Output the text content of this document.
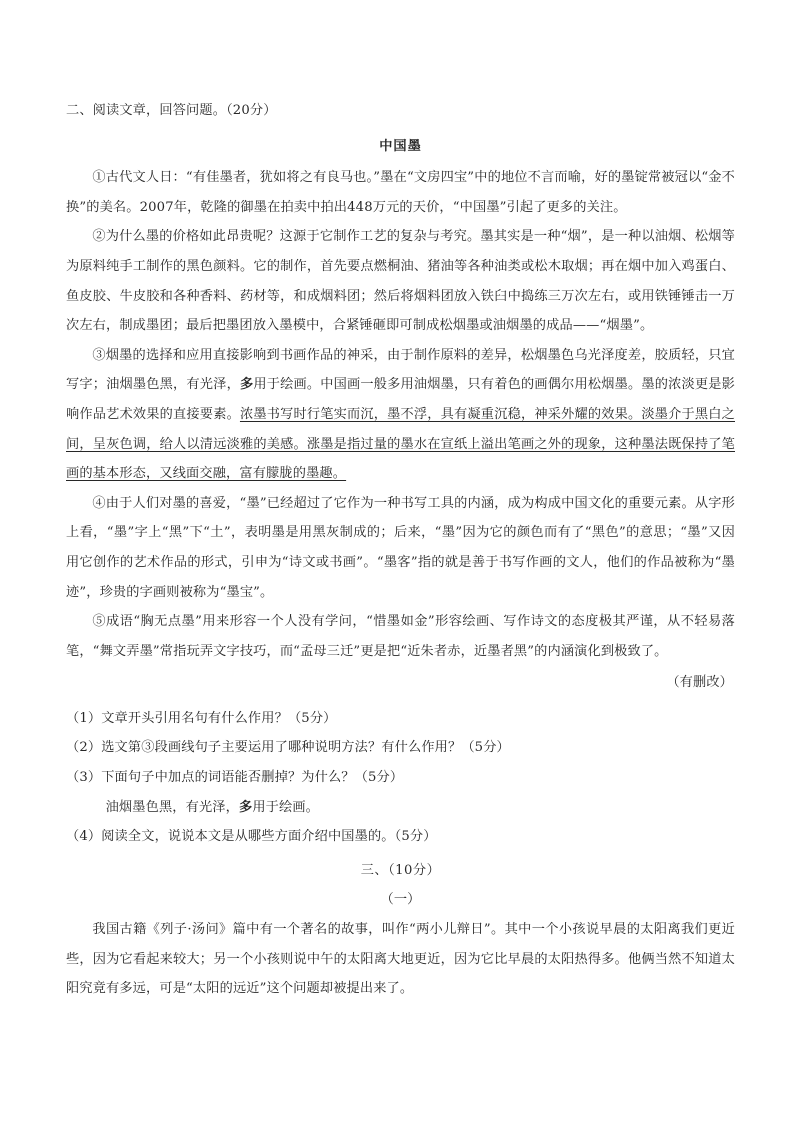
二、阅读文章，回答问题。（20分）

中国墨

①古代文人日：“有佳墨者，犹如将之有良马也。”墨在“文房四宝”中的地位不言而喻，好的墨锭常被冠以“金不换”的美名。2007年，乾隆的御墨在拍卖中拍出448万元的天价，“中国墨”引起了更多的关注。

②为什么墨的价格如此昂贵呢？这源于它制作工艺的复杂与考究。墨其实是一种“烟”，是一种以油烟、松烟等为原料纯手工制作的黑色颜料。它的制作，首先要点燃桐油、猪油等各种油类或松木取烟；再在烟中加入鸡蛋白、鱼皮胶、牛皮胶和各种香料、药材等，和成烟料团；然后将烟料团放入铁臼中捣练三万次左右，或用铁锤锤击一万次左右，制成墨团；最后把墨团放入墨模中，合紧锤砸即可制成松烟墨或油烟墨的成品——“烟墨”。

③烟墨的选择和应用直接影响到书画作品的神采，由于制作原料的差异，松烟墨色乌光泽度差，胶质轻，只宜写字；油烟墨色黑，有光泽，多用于绘画。中国画一般多用油烟墨，只有着色的画偶尔用松烟墨。墨的浓淡更是影响作品艺术效果的直接要素。浓墨书写时行笔实而沉，墨不浮，具有凝重沉稳，神采外耀的效果。淡墨介于黑白之间，呈灰色调，给人以清远淡雅的美感。涨墨是指过量的墨水在宣纸上溢出笔画之外的现象，这种墨法既保持了笔画的基本形态，又线面交融，富有朦胧的墨趣。

④由于人们对墨的喜爱，“墨”已经超过了它作为一种书写工具的内涵，成为构成中国文化的重要元素。从字形上看，“墨”字上“黑”下“土”，表明墨是用黑灰制成的；后来，“墨”因为它的颜色而有了“黑色”的意思；“墨”又因用它创作的艺术作品的形式，引申为“诗文或书画”。“墨客”指的就是善于书写作画的文人，他们的作品被称为“墨迹”，珍贵的字画则被称为“墨宝”。

⑤成语“胸无点墨”用来形容一个人没有学问，“惜墨如金”形容绘画、写作诗文的态度极其严谨，从不轻易落笔，“舞文弄墨”常指玩弄文字技巧，而“孟母三迁”更是把“近朱者赤，近墨者黑”的内涵演化到极致了。

（有删改）

（1）文章开头引用名句有什么作用？（5分）

（2）选文第③段画线句子主要运用了哪种说明方法？有什么作用？（5分）

（3）下面句子中加点的词语能否删掉？为什么？（5分）

油烟墨色黑，有光泽，多用于绘画。

（4）阅读全文，说说本文是从哪些方面介绍中国墨的。（5分）

三、（10分）

（一）

我国古籍《列子·汤问》篇中有一个著名的故事，叫作“两小儿辩日”。其中一个小孩说早晨的太阳离我们更近些，因为它看起来较大；另一个小孩则说中午的太阳离大地更近，因为它比早晨的太阳热得多。他俩当然不知道太阳究竟有多远，可是“太阳的远近”这个问题却被提出来了。
